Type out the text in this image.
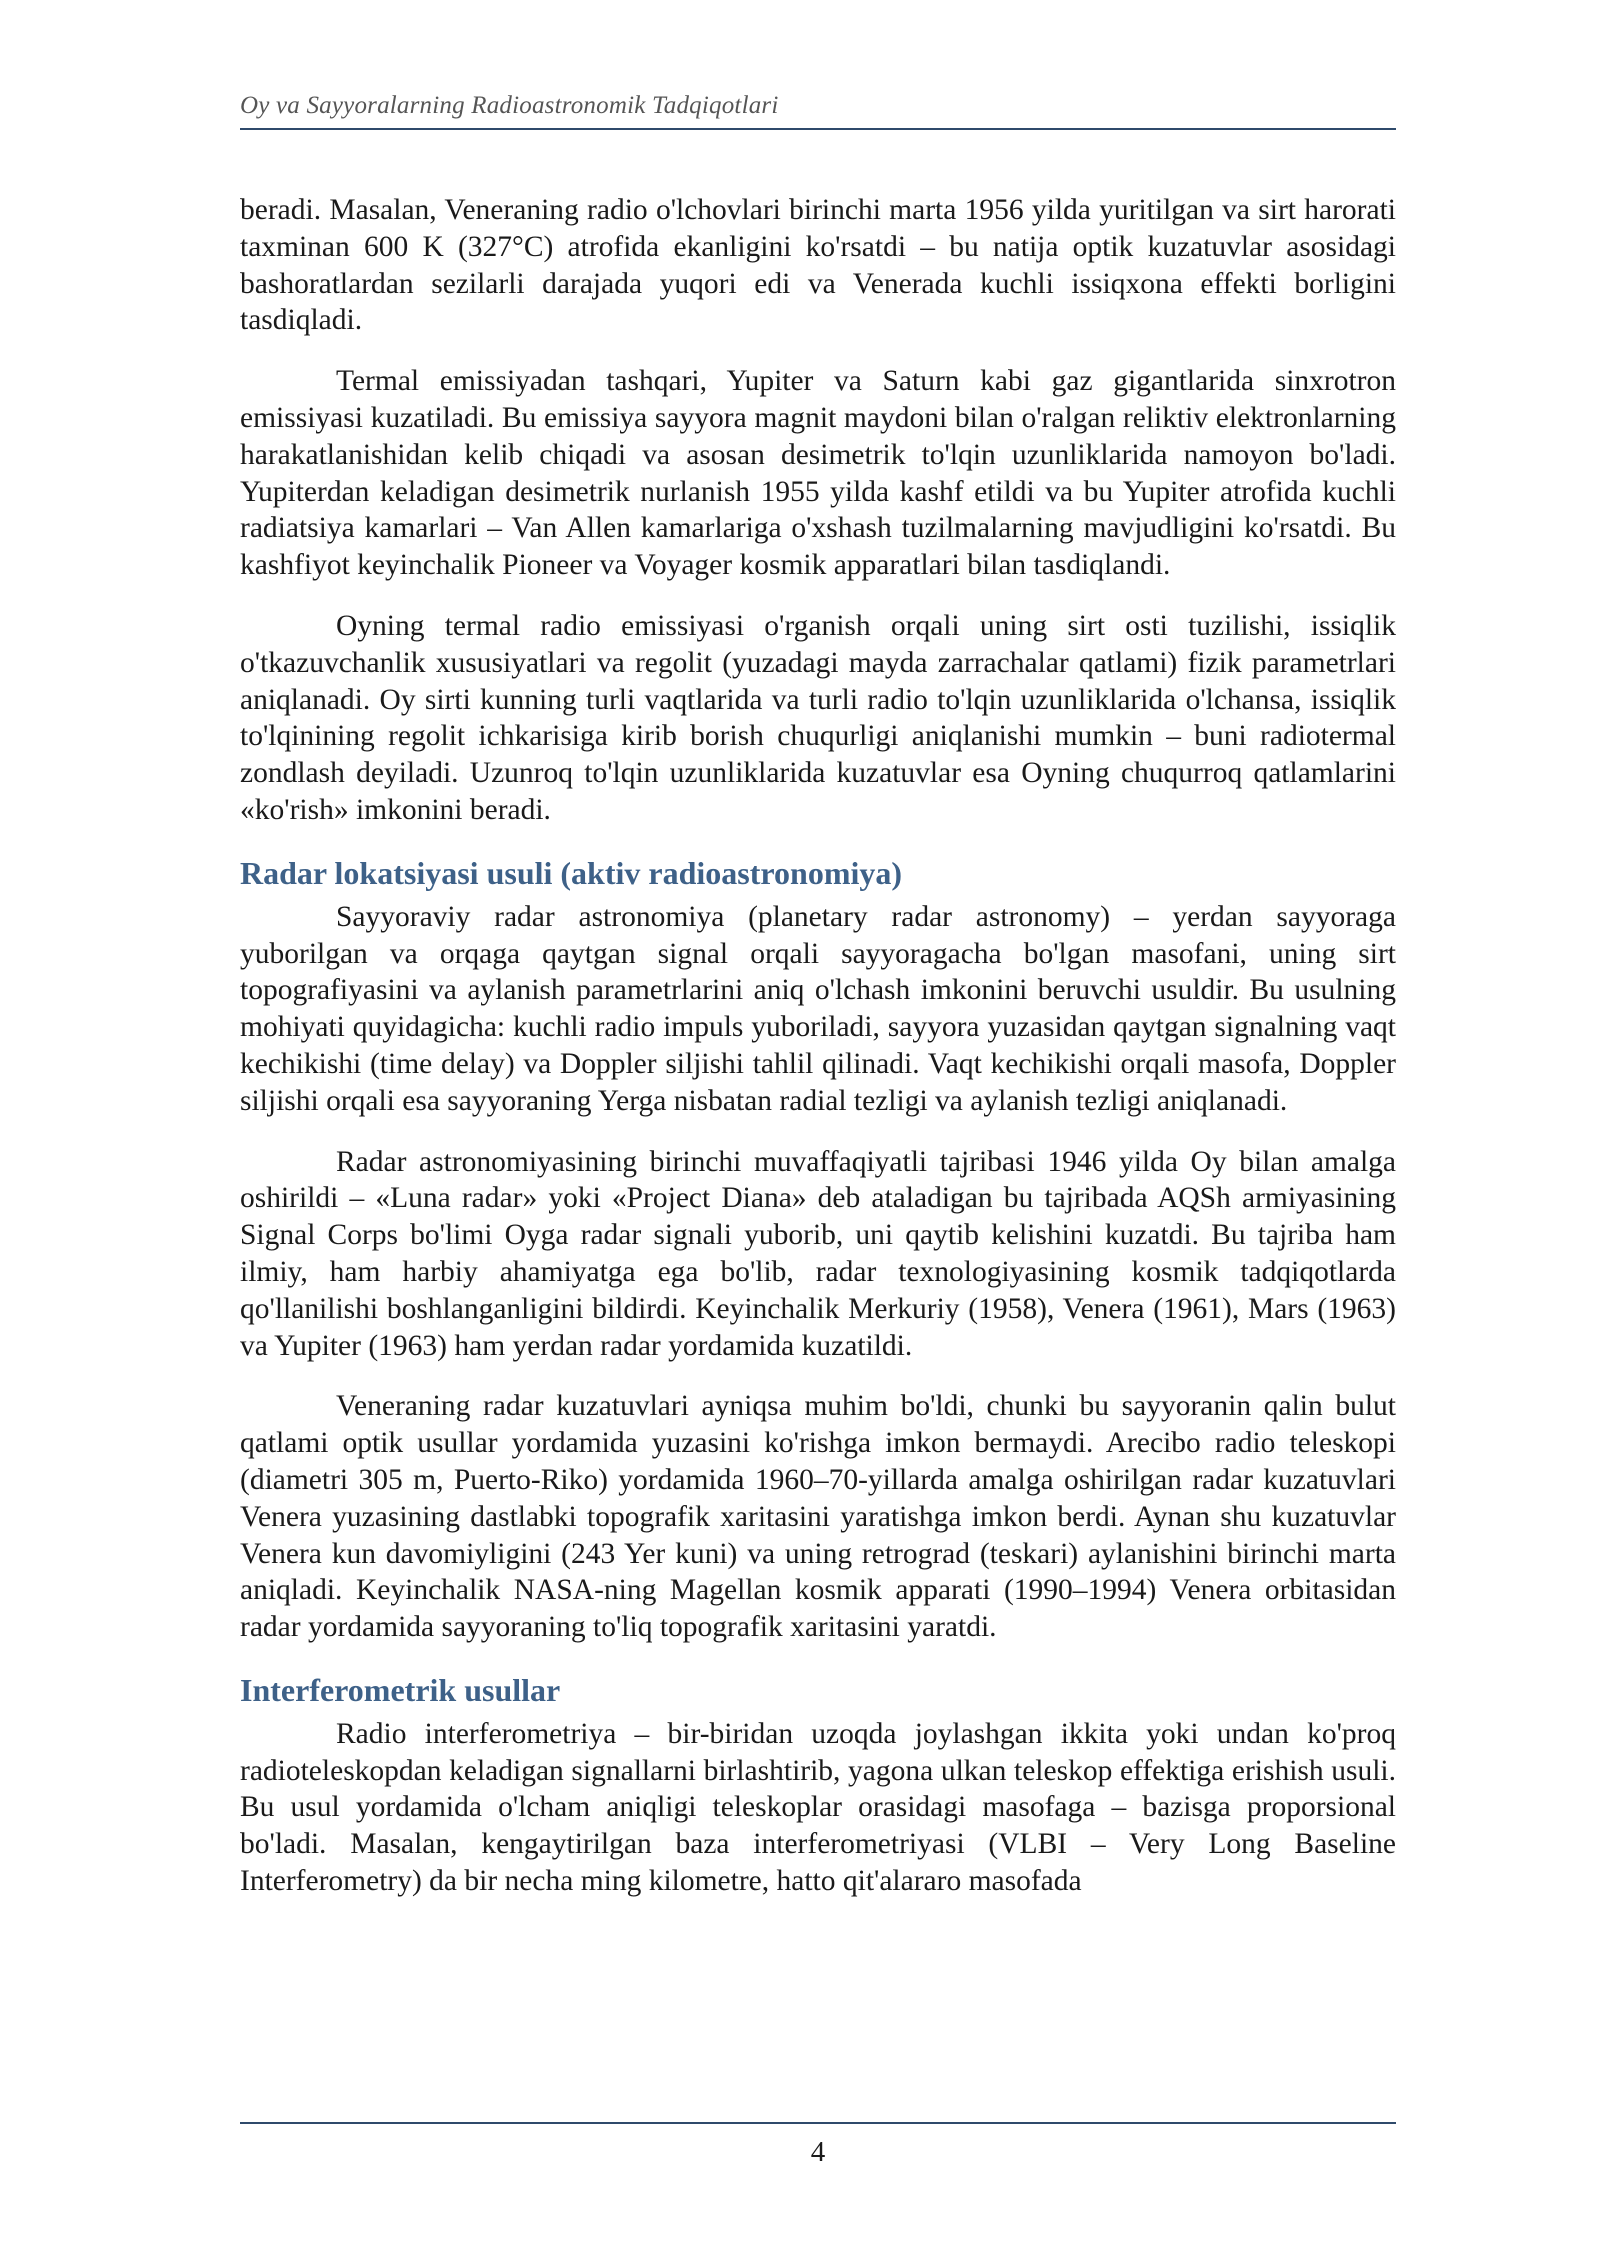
Oy va Sayyoralarning Radioastronomik Tadqiqotlari

beradi. Masalan, Veneraning radio o'lchovlari birinchi marta 1956 yilda yuritilgan va sirt harorati taxminan 600 K (327°C) atrofida ekanligini ko'rsatdi – bu natija optik kuzatuvlar asosidagi bashoratlardan sezilarli darajada yuqori edi va Venerada kuchli issiqxona effekti borligini tasdiqladi.

Termal emissiyadan tashqari, Yupiter va Saturn kabi gaz gigantlarida sinxrotron emissiyasi kuzatiladi. Bu emissiya sayyora magnit maydoni bilan o'ralgan reliktiv elektronlarning harakatlanishidan kelib chiqadi va asosan desimetrik to'lqin uzunliklarida namoyon bo'ladi. Yupiterdan keladigan desimetrik nurlanish 1955 yilda kashf etildi va bu Yupiter atrofida kuchli radiatsiya kamarlari – Van Allen kamarlariga o'xshash tuzilmalarning mavjudligini ko'rsatdi. Bu kashfiyot keyinchalik Pioneer va Voyager kosmik apparatlari bilan tasdiqlandi.

Oyning termal radio emissiyasi o'rganish orqali uning sirt osti tuzilishi, issiqlik o'tkazuvchanlik xususiyatlari va regolit (yuzadagi mayda zarrachalar qatlami) fizik parametrlari aniqlanadi. Oy sirti kunning turli vaqtlarida va turli radio to'lqin uzunliklarida o'lchansa, issiqlik to'lqinining regolit ichkarisiga kirib borish chuqurligi aniqlanishi mumkin – buni radiotermal zondlash deyiladi. Uzunroq to'lqin uzunliklarida kuzatuvlar esa Oyning chuqurroq qatlamlarini «ko'rish» imkonini beradi.

Radar lokatsiyasi usuli (aktiv radioastronomiya)

Sayyoraviy radar astronomiya (planetary radar astronomy) – yerdan sayyoraga yuborilgan va orqaga qaytgan signal orqali sayyoragacha bo'lgan masofani, uning sirt topografiyasini va aylanish parametrlarini aniq o'lchash imkonini beruvchi usuldir. Bu usulning mohiyati quyidagicha: kuchli radio impuls yuboriladi, sayyora yuzasidan qaytgan signalning vaqt kechikishi (time delay) va Doppler siljishi tahlil qilinadi. Vaqt kechikishi orqali masofa, Doppler siljishi orqali esa sayyoraning Yerga nisbatan radial tezligi va aylanish tezligi aniqlanadi.

Radar astronomiyasining birinchi muvaffaqiyatli tajribasi 1946 yilda Oy bilan amalga oshirildi – «Luna radar» yoki «Project Diana» deb ataladigan bu tajribada AQSh armiyasining Signal Corps bo'limi Oyga radar signali yuborib, uni qaytib kelishini kuzatdi. Bu tajriba ham ilmiy, ham harbiy ahamiyatga ega bo'lib, radar texnologiyasining kosmik tadqiqotlarda qo'llanilishi boshlanganligini bildirdi. Keyinchalik Merkuriy (1958), Venera (1961), Mars (1963) va Yupiter (1963) ham yerdan radar yordamida kuzatildi.

Veneraning radar kuzatuvlari ayniqsa muhim bo'ldi, chunki bu sayyoranin qalin bulut qatlami optik usullar yordamida yuzasini ko'rishga imkon bermaydi. Arecibo radio teleskopi (diametri 305 m, Puerto-Riko) yordamida 1960–70-yillarda amalga oshirilgan radar kuzatuvlari Venera yuzasining dastlabki topografik xaritasini yaratishga imkon berdi. Aynan shu kuzatuvlar Venera kun davomiyligini (243 Yer kuni) va uning retrograd (teskari) aylanishini birinchi marta aniqladi. Keyinchalik NASA-ning Magellan kosmik apparati (1990–1994) Venera orbitasidan radar yordamida sayyoraning to'liq topografik xaritasini yaratdi.

Interferometrik usullar

Radio interferometriya – bir-biridan uzoqda joylashgan ikkita yoki undan ko'proq radioteleskopdan keladigan signallarni birlashtirib, yagona ulkan teleskop effektiga erishish usuli. Bu usul yordamida o'lcham aniqligi teleskoplar orasidagi masofaga – bazisga proporsional bo'ladi. Masalan, kengaytirilgan baza interferometriyasi (VLBI – Very Long Baseline Interferometry) da bir necha ming kilometre, hatto qit'alararo masofada

4
